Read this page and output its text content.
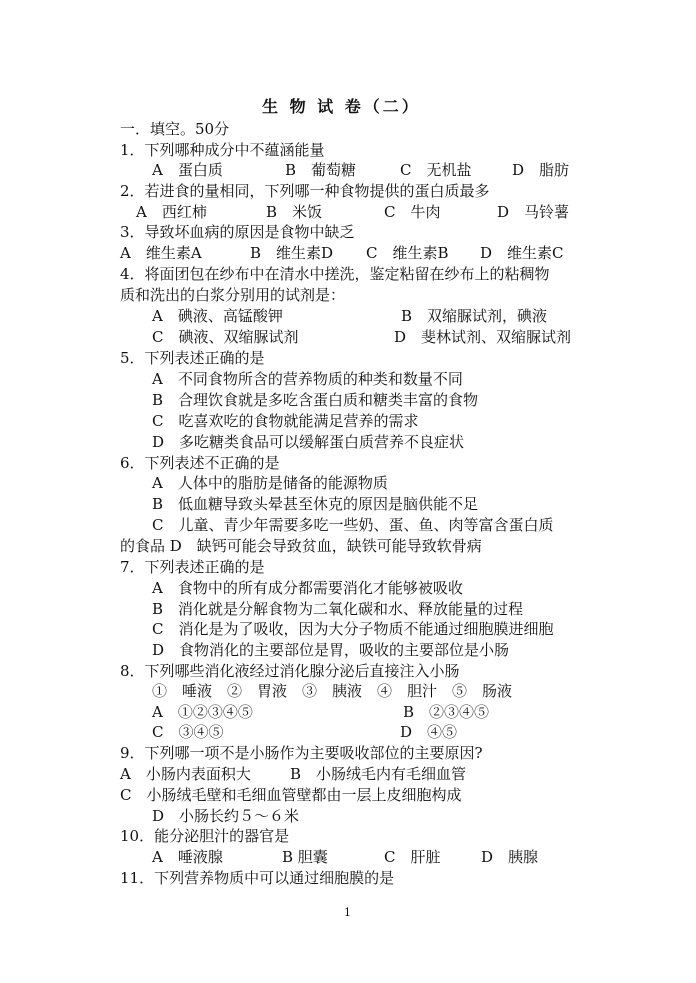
生 物 试 卷（二）
一．填空。50分
1．下列哪种成分中不蕴涵能量
A　蛋白质	B　葡萄糖	C　无机盐	D　脂肪
2．若进食的量相同，下列哪一种食物提供的蛋白质最多
A　西红柿	B　米饭	C　牛肉	D　马铃薯
3．导致坏血病的原因是食物中缺乏
A　维生素A	B　维生素D C　维生素B D　维生素C
4．将面团包在纱布中在清水中搓洗，鉴定粘留在纱布上的粘稠物
质和洗出的白浆分别用的试剂是：
A　碘液、高锰酸钾	B　双缩脲试剂，碘液
C　碘液、双缩脲试剂	D　斐林试剂、双缩脲试剂
5．下列表述正确的是
A　不同食物所含的营养物质的种类和数量不同
B　合理饮食就是多吃含蛋白质和糖类丰富的食物
C　吃喜欢吃的食物就能满足营养的需求
D　多吃糖类食品可以缓解蛋白质营养不良症状
6．下列表述不正确的是
A　人体中的脂肪是储备的能源物质
B　低血糖导致头晕甚至休克的原因是脑供能不足
C　儿童、青少年需要多吃一些奶、蛋、鱼、肉等富含蛋白质
的食品 D　缺钙可能会导致贫血，缺铁可能导致软骨病
7．下列表述正确的是
A　食物中的所有成分都需要消化才能够被吸收
B　消化就是分解食物为二氧化碳和水、释放能量的过程
C　消化是为了吸收，因为大分子物质不能通过细胞膜进细胞
D　食物消化的主要部位是胃，吸收的主要部位是小肠
8．下列哪些消化液经过消化腺分泌后直接注入小肠
①　唾液　②　胃液　③　胰液　④　胆汁　⑤　肠液
A　①②③④⑤	B　②③④⑤
C　③④⑤	D　④⑤
9．下列哪一项不是小肠作为主要吸收部位的主要原因?
A　小肠内表面积大	B　小肠绒毛内有毛细血管
C　小肠绒毛壁和毛细血管壁都由一层上皮细胞构成
D　小肠长约５～６米
10．能分泌胆汁的器官是
A　唾液腺	B 胆囊	C　肝脏	D　胰腺
11．下列营养物质中可以通过细胞膜的是
1
